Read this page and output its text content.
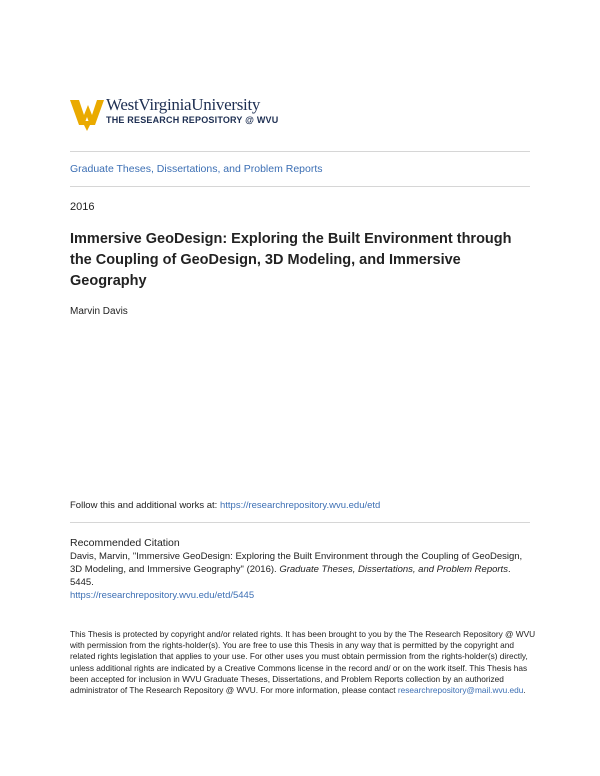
WestVirginiaUniversity
THE RESEARCH REPOSITORY @ WVU
Graduate Theses, Dissertations, and Problem Reports
2016
Immersive GeoDesign: Exploring the Built Environment through the Coupling of GeoDesign, 3D Modeling, and Immersive Geography
Marvin Davis
Follow this and additional works at: https://researchrepository.wvu.edu/etd
Recommended Citation
Davis, Marvin, "Immersive GeoDesign: Exploring the Built Environment through the Coupling of GeoDesign, 3D Modeling, and Immersive Geography" (2016). Graduate Theses, Dissertations, and Problem Reports. 5445.
https://researchrepository.wvu.edu/etd/5445
This Thesis is protected by copyright and/or related rights. It has been brought to you by the The Research Repository @ WVU with permission from the rights-holder(s). You are free to use this Thesis in any way that is permitted by the copyright and related rights legislation that applies to your use. For other uses you must obtain permission from the rights-holder(s) directly, unless additional rights are indicated by a Creative Commons license in the record and/ or on the work itself. This Thesis has been accepted for inclusion in WVU Graduate Theses, Dissertations, and Problem Reports collection by an authorized administrator of The Research Repository @ WVU. For more information, please contact researchrepository@mail.wvu.edu.
